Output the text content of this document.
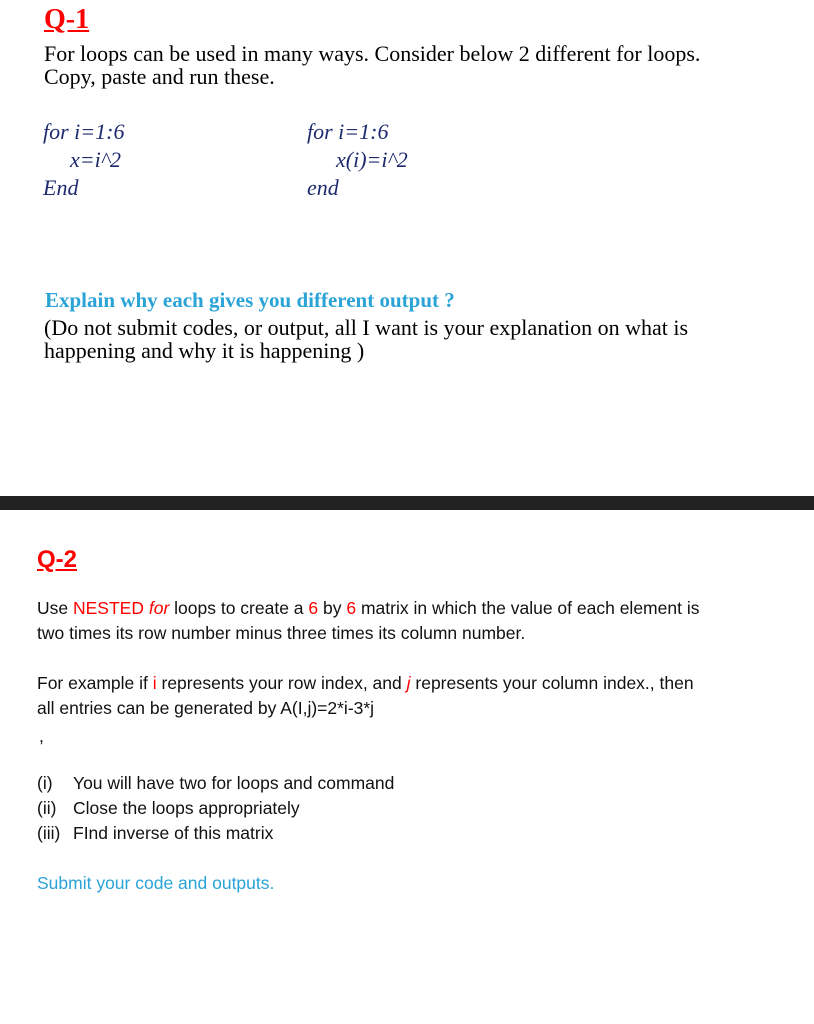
Q-1
For loops can be used in many ways. Consider below 2 different for loops.
Copy, paste and run these.
for i=1:6
x=i^2
End
for i=1:6
x(i)=i^2
end
Explain why each gives you different output ?
(Do not submit codes, or output, all I want is your explanation on what is
happening and why it is happening )
Q-2
Use NESTED for loops to create a 6 by 6 matrix in which the value of each element is
two times its row number minus three times its column number.
For example if i represents your row index, and j represents your column index., then
all entries can be generated by A(I,j)=2*i-3*j
,
(i) You will have two for loops and command
(ii) Close the loops appropriately
(iii) FInd inverse of this matrix
Submit your code and outputs.
